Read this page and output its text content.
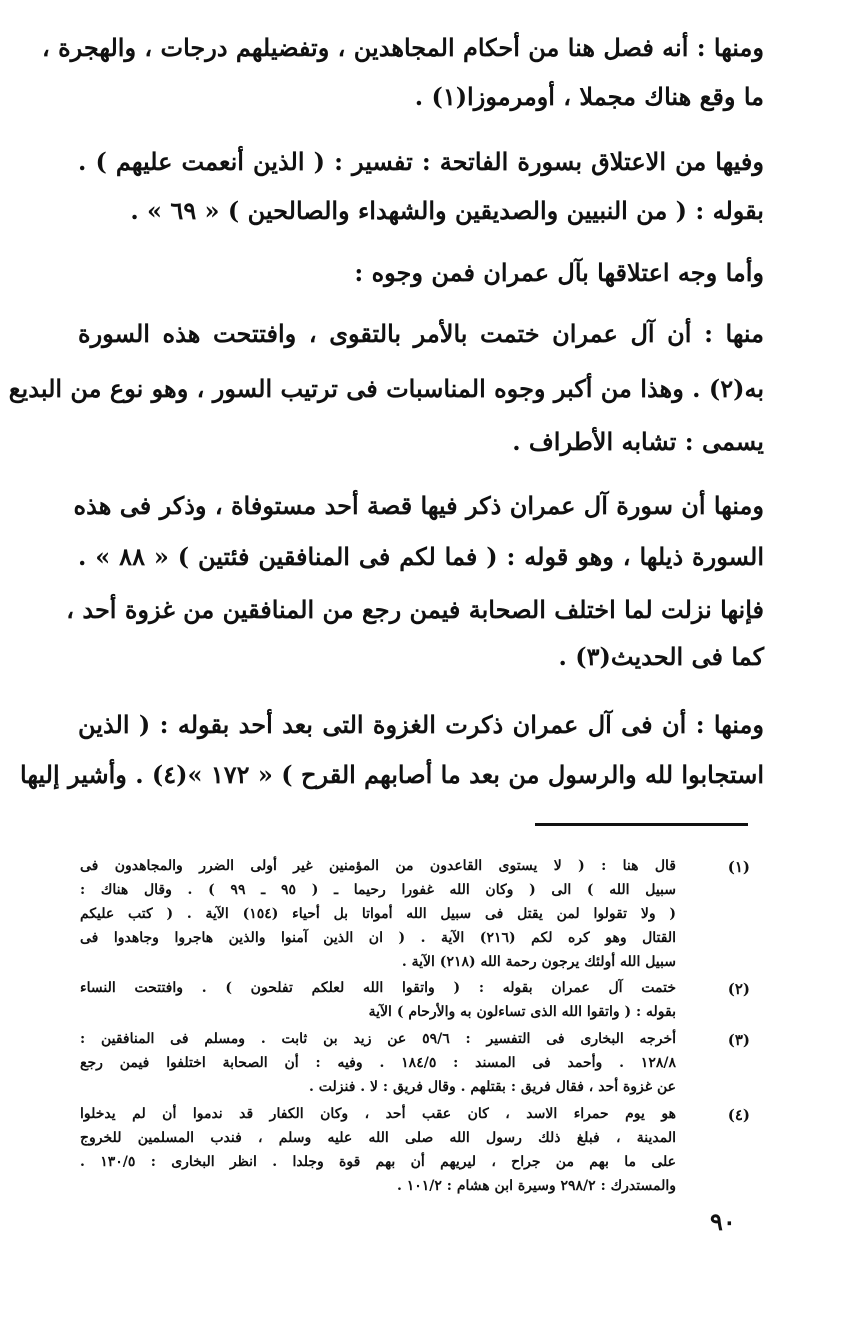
ومنها : أنه فصل هنا من أحكام المجاهدين ، وتفضيلهم درجات ، والهجرة ،
ما وقع هناك مجملا ، أومرموزا(١) .
وفيها من الاعتلاق بسورة الفاتحة : تفسير : ( الذين أنعمت عليهم ) .
بقوله : ( من النبيين والصديقين والشهداء والصالحين ) « ٦٩ » .
وأما وجه اعتلاقها بآل عمران فمن وجوه :
منها : أن آل عمران ختمت بالأمر بالتقوى ، وافتتحت هذه السورة
به(٢) . وهذا من أكبر وجوه المناسبات فى ترتيب السور ، وهو نوع من البديع
يسمى : تشابه الأطراف .
ومنها أن سورة آل عمران ذكر فيها قصة أحد مستوفاة ، وذكر فى هذه
السورة ذيلها ، وهو قوله : ( فما لكم فى المنافقين فئتين ) « ٨٨ » .
فإنها نزلت لما اختلف الصحابة فيمن رجع من المنافقين من غزوة أحد ،
كما فى الحديث(٣) .
ومنها : أن فى آل عمران ذكرت الغزوة التى بعد أحد بقوله : ( الذين
استجابوا لله والرسول من بعد ما أصابهم القرح ) « ١٧٢ »(٤) . وأشير إليها
(١)
قال هنا : ( لا يستوى القاعدون من المؤمنين غير أولى الضرر والمجاهدون فى
سبيل الله ) الى ( وكان الله غفورا رحيما ـ ( ٩٥ ـ ٩٩ ) . وقال هناك :
( ولا تقولوا لمن يقتل فى سبيل الله أمواتا بل أحياء (١٥٤) الآية . ( كتب عليكم
القتال وهو كره لكم (٢١٦) الآية . ( ان الذين آمنوا والذين هاجروا وجاهدوا فى
سبيل الله أولئك يرجون رحمة الله (٢١٨) الآية .
(٢)
ختمت آل عمران بقوله : ( واتقوا الله لعلكم تفلحون ) . وافتتحت النساء
بقوله : ( واتقوا الله الذى تساءلون به والأرحام ) الآية
(٣)
أخرجه البخارى فى التفسير : ٥٩/٦ عن زيد بن ثابت . ومسلم فى المنافقين :
١٢٨/٨ . وأحمد فى المسند : ١٨٤/٥ . وفيه : أن الصحابة اختلفوا فيمن رجع
عن غزوة أحد ، فقال فريق : بقتلهم . وقال فريق : لا . فنزلت .
(٤)
هو يوم حمراء الاسد ، كان عقب أحد ، وكان الكفار قد ندموا أن لم يدخلوا
المدينة ، فبلغ ذلك رسول الله صلى الله عليه وسلم ، فندب المسلمين للخروج
على ما بهم من جراح ، ليريهم أن بهم قوة وجلدا . انظر البخارى : ١٣٠/٥ .
والمستدرك : ٢٩٨/٢ وسيرة ابن هشام : ١٠١/٢ .
٩٠
